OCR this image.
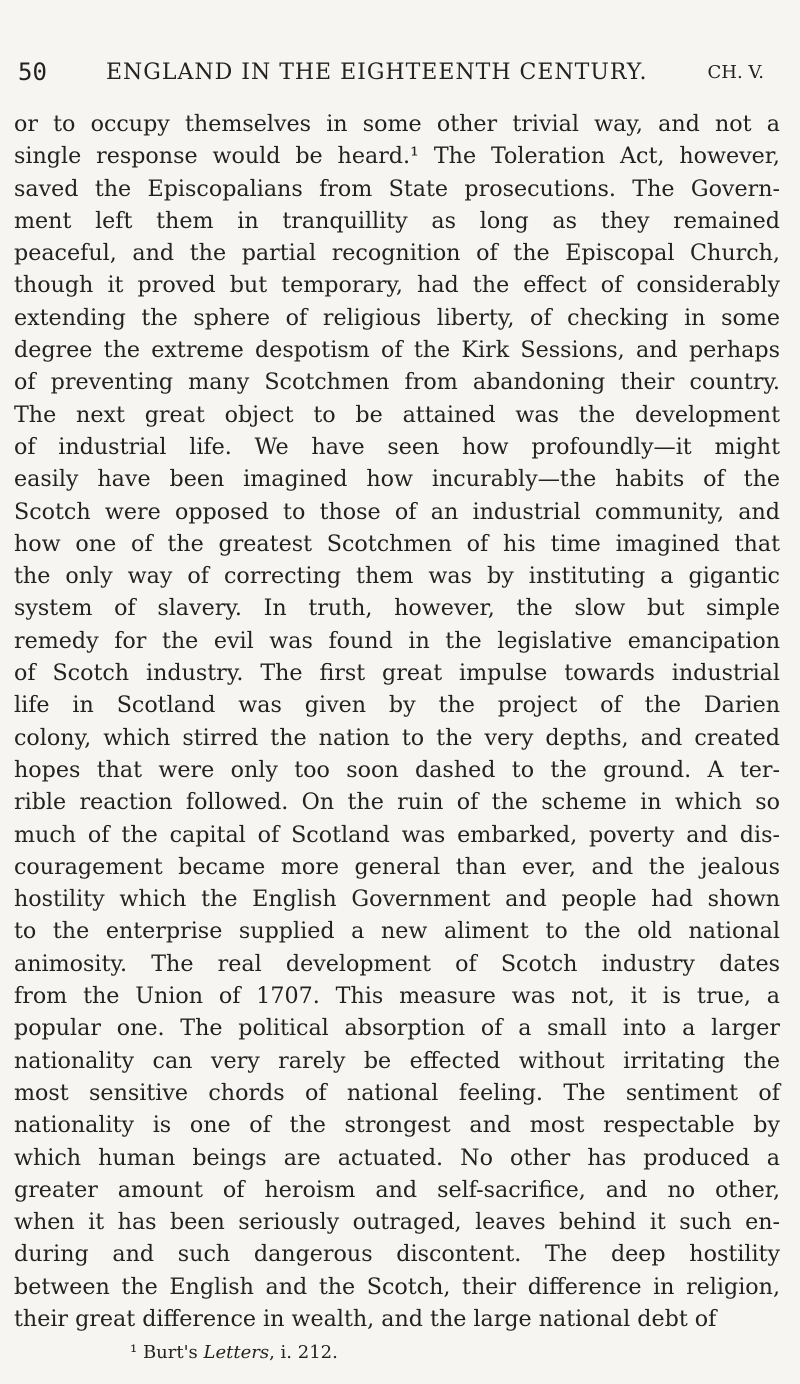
50	ENGLAND IN THE EIGHTEENTH CENTURY.	CH. V.
or to occupy themselves in some other trivial way, and not a
single response would be heard.¹ The Toleration Act, however,
saved the Episcopalians from State prosecutions. The Govern-
ment left them in tranquillity as long as they remained
peaceful, and the partial recognition of the Episcopal Church,
though it proved but temporary, had the effect of considerably
extending the sphere of religious liberty, of checking in some
degree the extreme despotism of the Kirk Sessions, and perhaps
of preventing many Scotchmen from abandoning their country.
The next great object to be attained was the development
of industrial life. We have seen how profoundly—it might
easily have been imagined how incurably—the habits of the
Scotch were opposed to those of an industrial community, and
how one of the greatest Scotchmen of his time imagined that
the only way of correcting them was by instituting a gigantic
system of slavery. In truth, however, the slow but simple
remedy for the evil was found in the legislative emancipation
of Scotch industry. The first great impulse towards industrial
life in Scotland was given by the project of the Darien
colony, which stirred the nation to the very depths, and created
hopes that were only too soon dashed to the ground. A ter-
rible reaction followed. On the ruin of the scheme in which so
much of the capital of Scotland was embarked, poverty and dis-
couragement became more general than ever, and the jealous
hostility which the English Government and people had shown
to the enterprise supplied a new aliment to the old national
animosity. The real development of Scotch industry dates
from the Union of 1707. This measure was not, it is true, a
popular one. The political absorption of a small into a larger
nationality can very rarely be effected without irritating the
most sensitive chords of national feeling. The sentiment of
nationality is one of the strongest and most respectable by
which human beings are actuated. No other has produced a
greater amount of heroism and self-sacrifice, and no other,
when it has been seriously outraged, leaves behind it such en-
during and such dangerous discontent. The deep hostility
between the English and the Scotch, their difference in religion,
their great difference in wealth, and the large national debt of
¹ Burt's Letters, i. 212.
